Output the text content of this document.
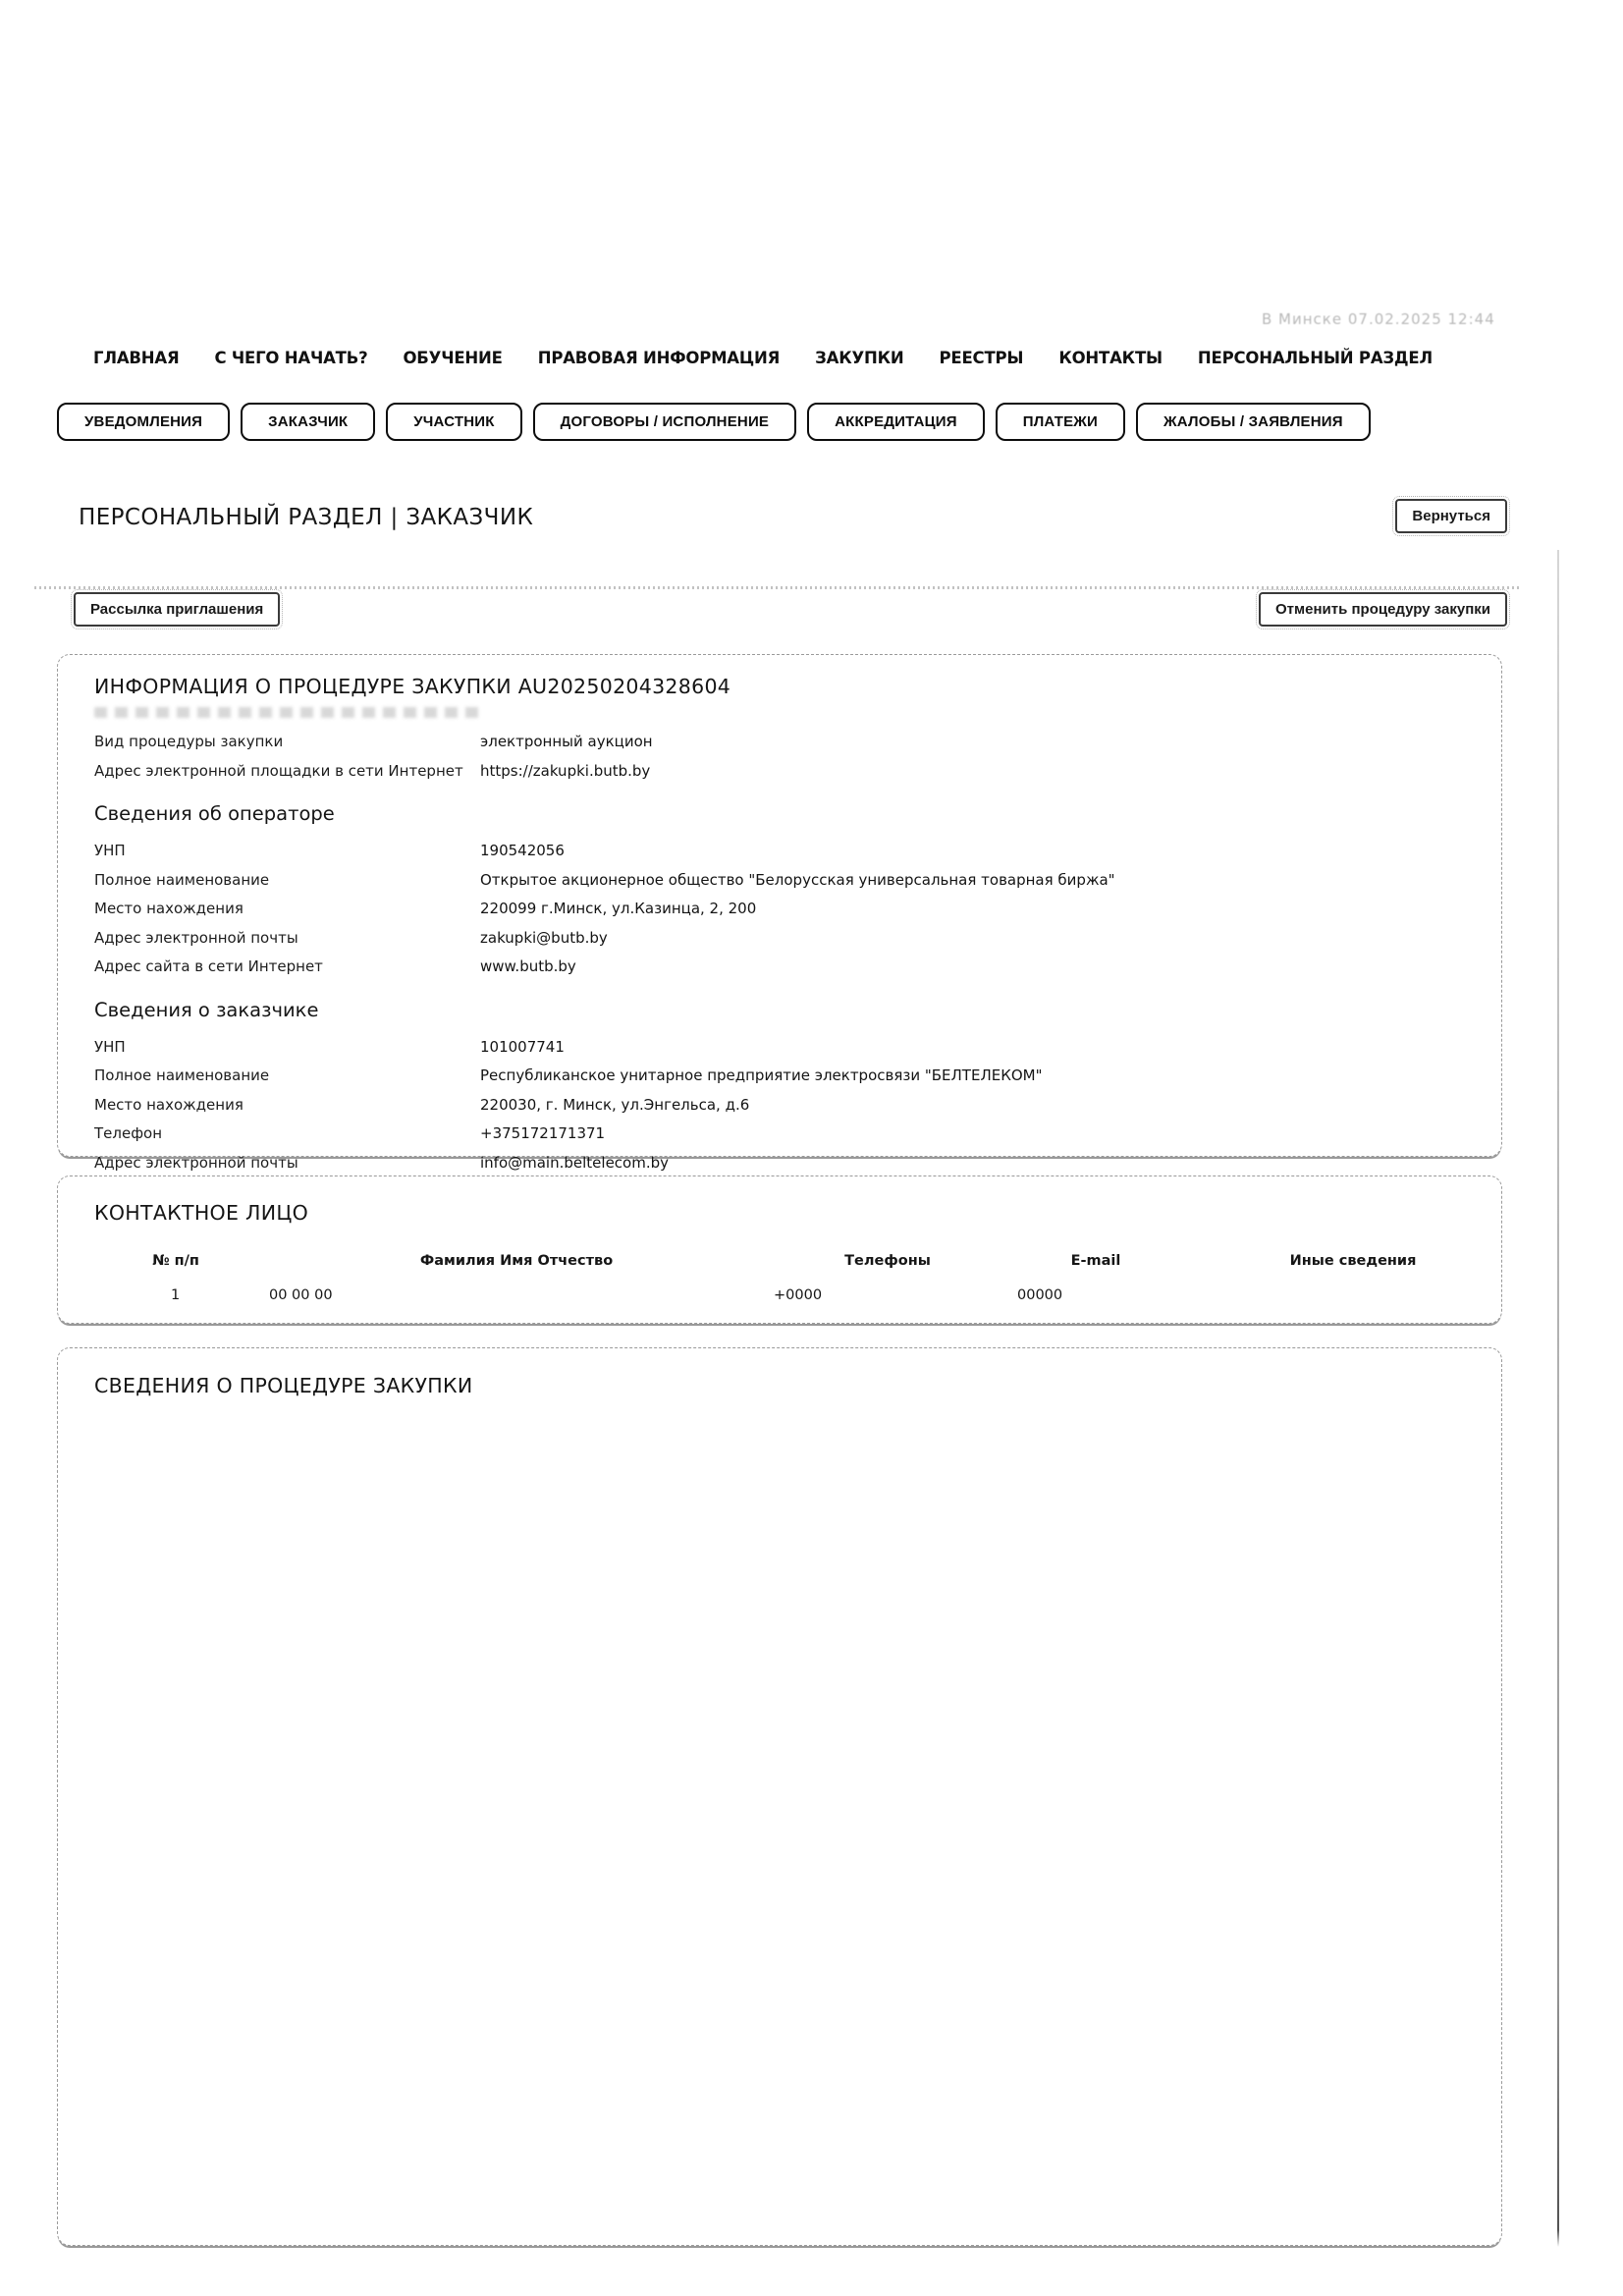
В Минске 07.02.2025 12:44
ГЛАВНАЯ С ЧЕГО НАЧАТЬ? ОБУЧЕНИЕ ПРАВОВАЯ ИНФОРМАЦИЯ ЗАКУПКИ РЕЕСТРЫ КОНТАКТЫ ПЕРСОНАЛЬНЫЙ РАЗДЕЛ
УВЕДОМЛЕНИЯ	ЗАКАЗЧИК	УЧАСТНИК	ДОГОВОРЫ / ИСПОЛНЕНИЕ	АККРЕДИТАЦИЯ	ПЛАТЕЖИ	ЖАЛОБЫ / ЗАЯВЛЕНИЯ
ПЕРСОНАЛЬНЫЙ РАЗДЕЛ | ЗАКАЗЧИК	Вернуться
Рассылка приглашения	Отменить процедуру закупки
ИНФОРМАЦИЯ О ПРОЦЕДУРЕ ЗАКУПКИ AU20250204328604
Вид процедуры закупки	электронный аукцион
Адрес электронной площадки в сети Интернет	https://zakupki.butb.by
Сведения об операторе
УНП	190542056
Полное наименование	Открытое акционерное общество "Белорусская универсальная товарная биржа"
Место нахождения	220099 г.Минск, ул.Казинца, 2, 200
Адрес электронной почты	zakupki@butb.by
Адрес сайта в сети Интернет	www.butb.by
Сведения о заказчике
УНП	101007741
Полное наименование	Республиканское унитарное предприятие электросвязи "БЕЛТЕЛЕКОМ"
Место нахождения	220030, г. Минск, ул.Энгельса, д.6
Телефон	+375172171371
Адрес электронной почты	info@main.beltelecom.by
КОНТАКТНОЕ ЛИЦО
№ п/п	Фамилия Имя Отчество	Телефоны	E-mail	Иные сведения
1	00 00 00	+0000	00000
СВЕДЕНИЯ О ПРОЦЕДУРЕ ЗАКУПКИ
